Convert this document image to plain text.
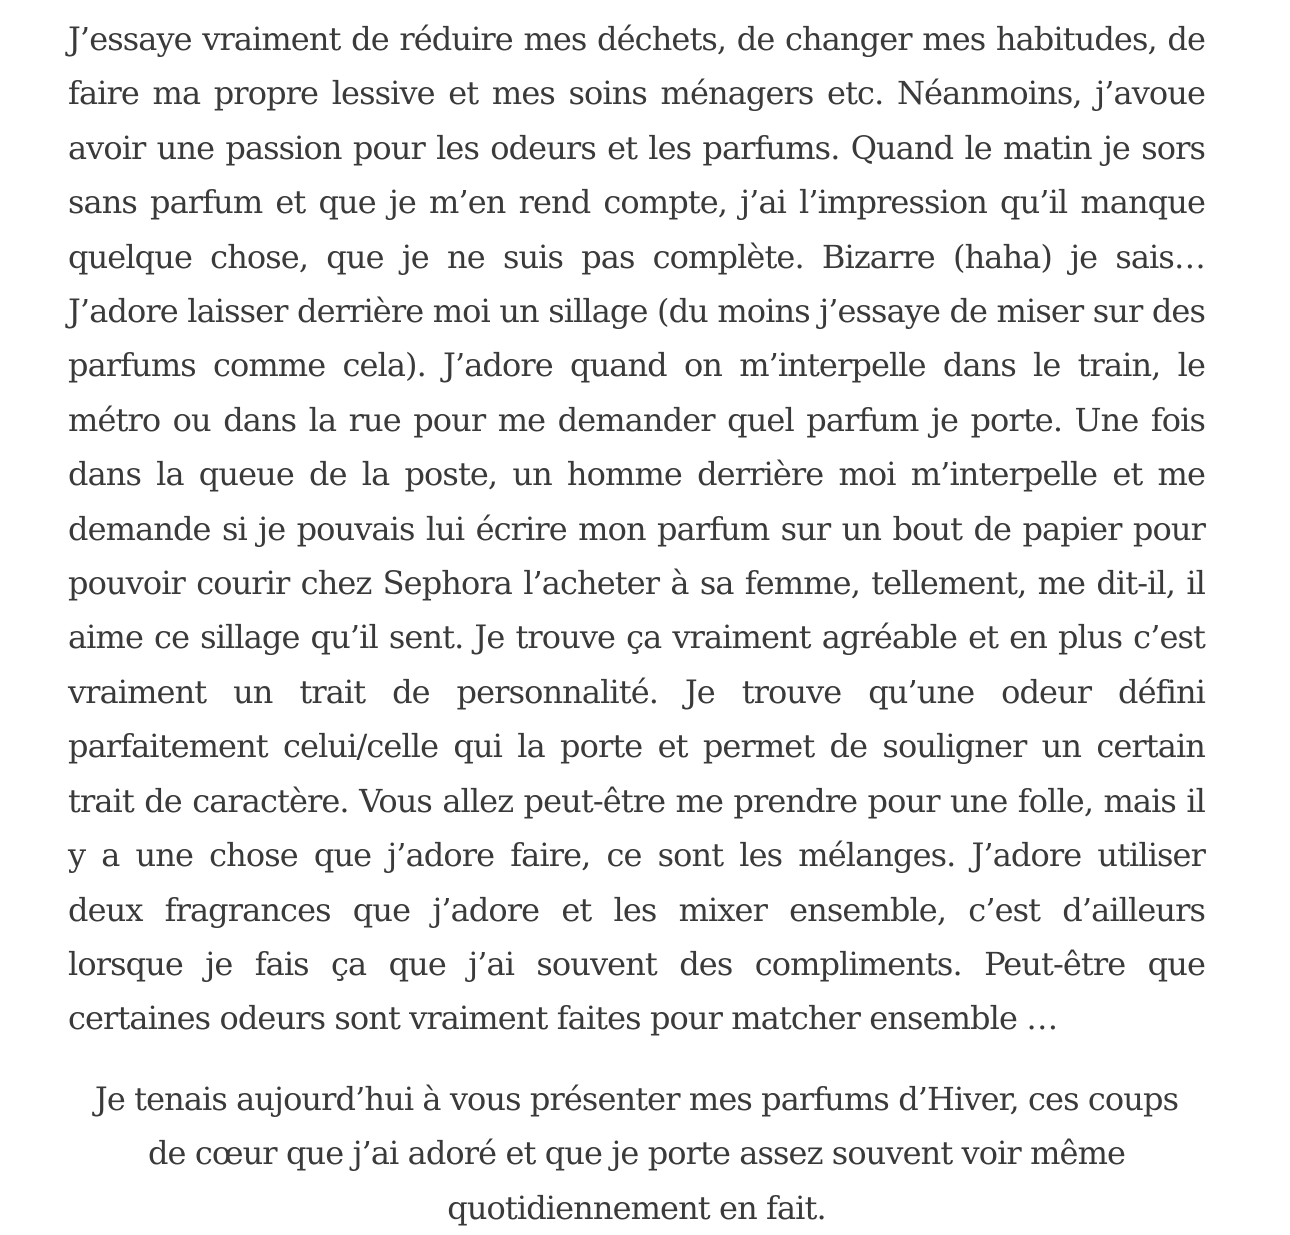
J’essaye vraiment de réduire mes déchets, de changer mes habitudes, de faire ma propre lessive et mes soins ménagers etc. Néanmoins, j’avoue avoir une passion pour les odeurs et les parfums. Quand le matin je sors sans parfum et que je m’en rend compte, j’ai l’impression qu’il manque quelque chose, que je ne suis pas complète. Bizarre (haha) je sais… J’adore laisser derrière moi un sillage (du moins j’essaye de miser sur des parfums comme cela). J’adore quand on m’interpelle dans le train, le métro ou dans la rue pour me demander quel parfum je porte. Une fois dans la queue de la poste, un homme derrière moi m’interpelle et me demande si je pouvais lui écrire mon parfum sur un bout de papier pour pouvoir courir chez Sephora l’acheter à sa femme, tellement, me dit-il, il aime ce sillage qu’il sent. Je trouve ça vraiment agréable et en plus c’est vraiment un trait de personnalité. Je trouve qu’une odeur défini parfaitement celui/celle qui la porte et permet de souligner un certain trait de caractère. Vous allez peut-être me prendre pour une folle, mais il y a une chose que j’adore faire, ce sont les mélanges. J’adore utiliser deux fragrances que j’adore et les mixer ensemble, c’est d’ailleurs lorsque je fais ça que j’ai souvent des compliments. Peut-être que certaines odeurs sont vraiment faites pour matcher ensemble …

Je tenais aujourd’hui à vous présenter mes parfums d’Hiver, ces coups de cœur que j’ai adoré et que je porte assez souvent voir même quotidiennement en fait.
